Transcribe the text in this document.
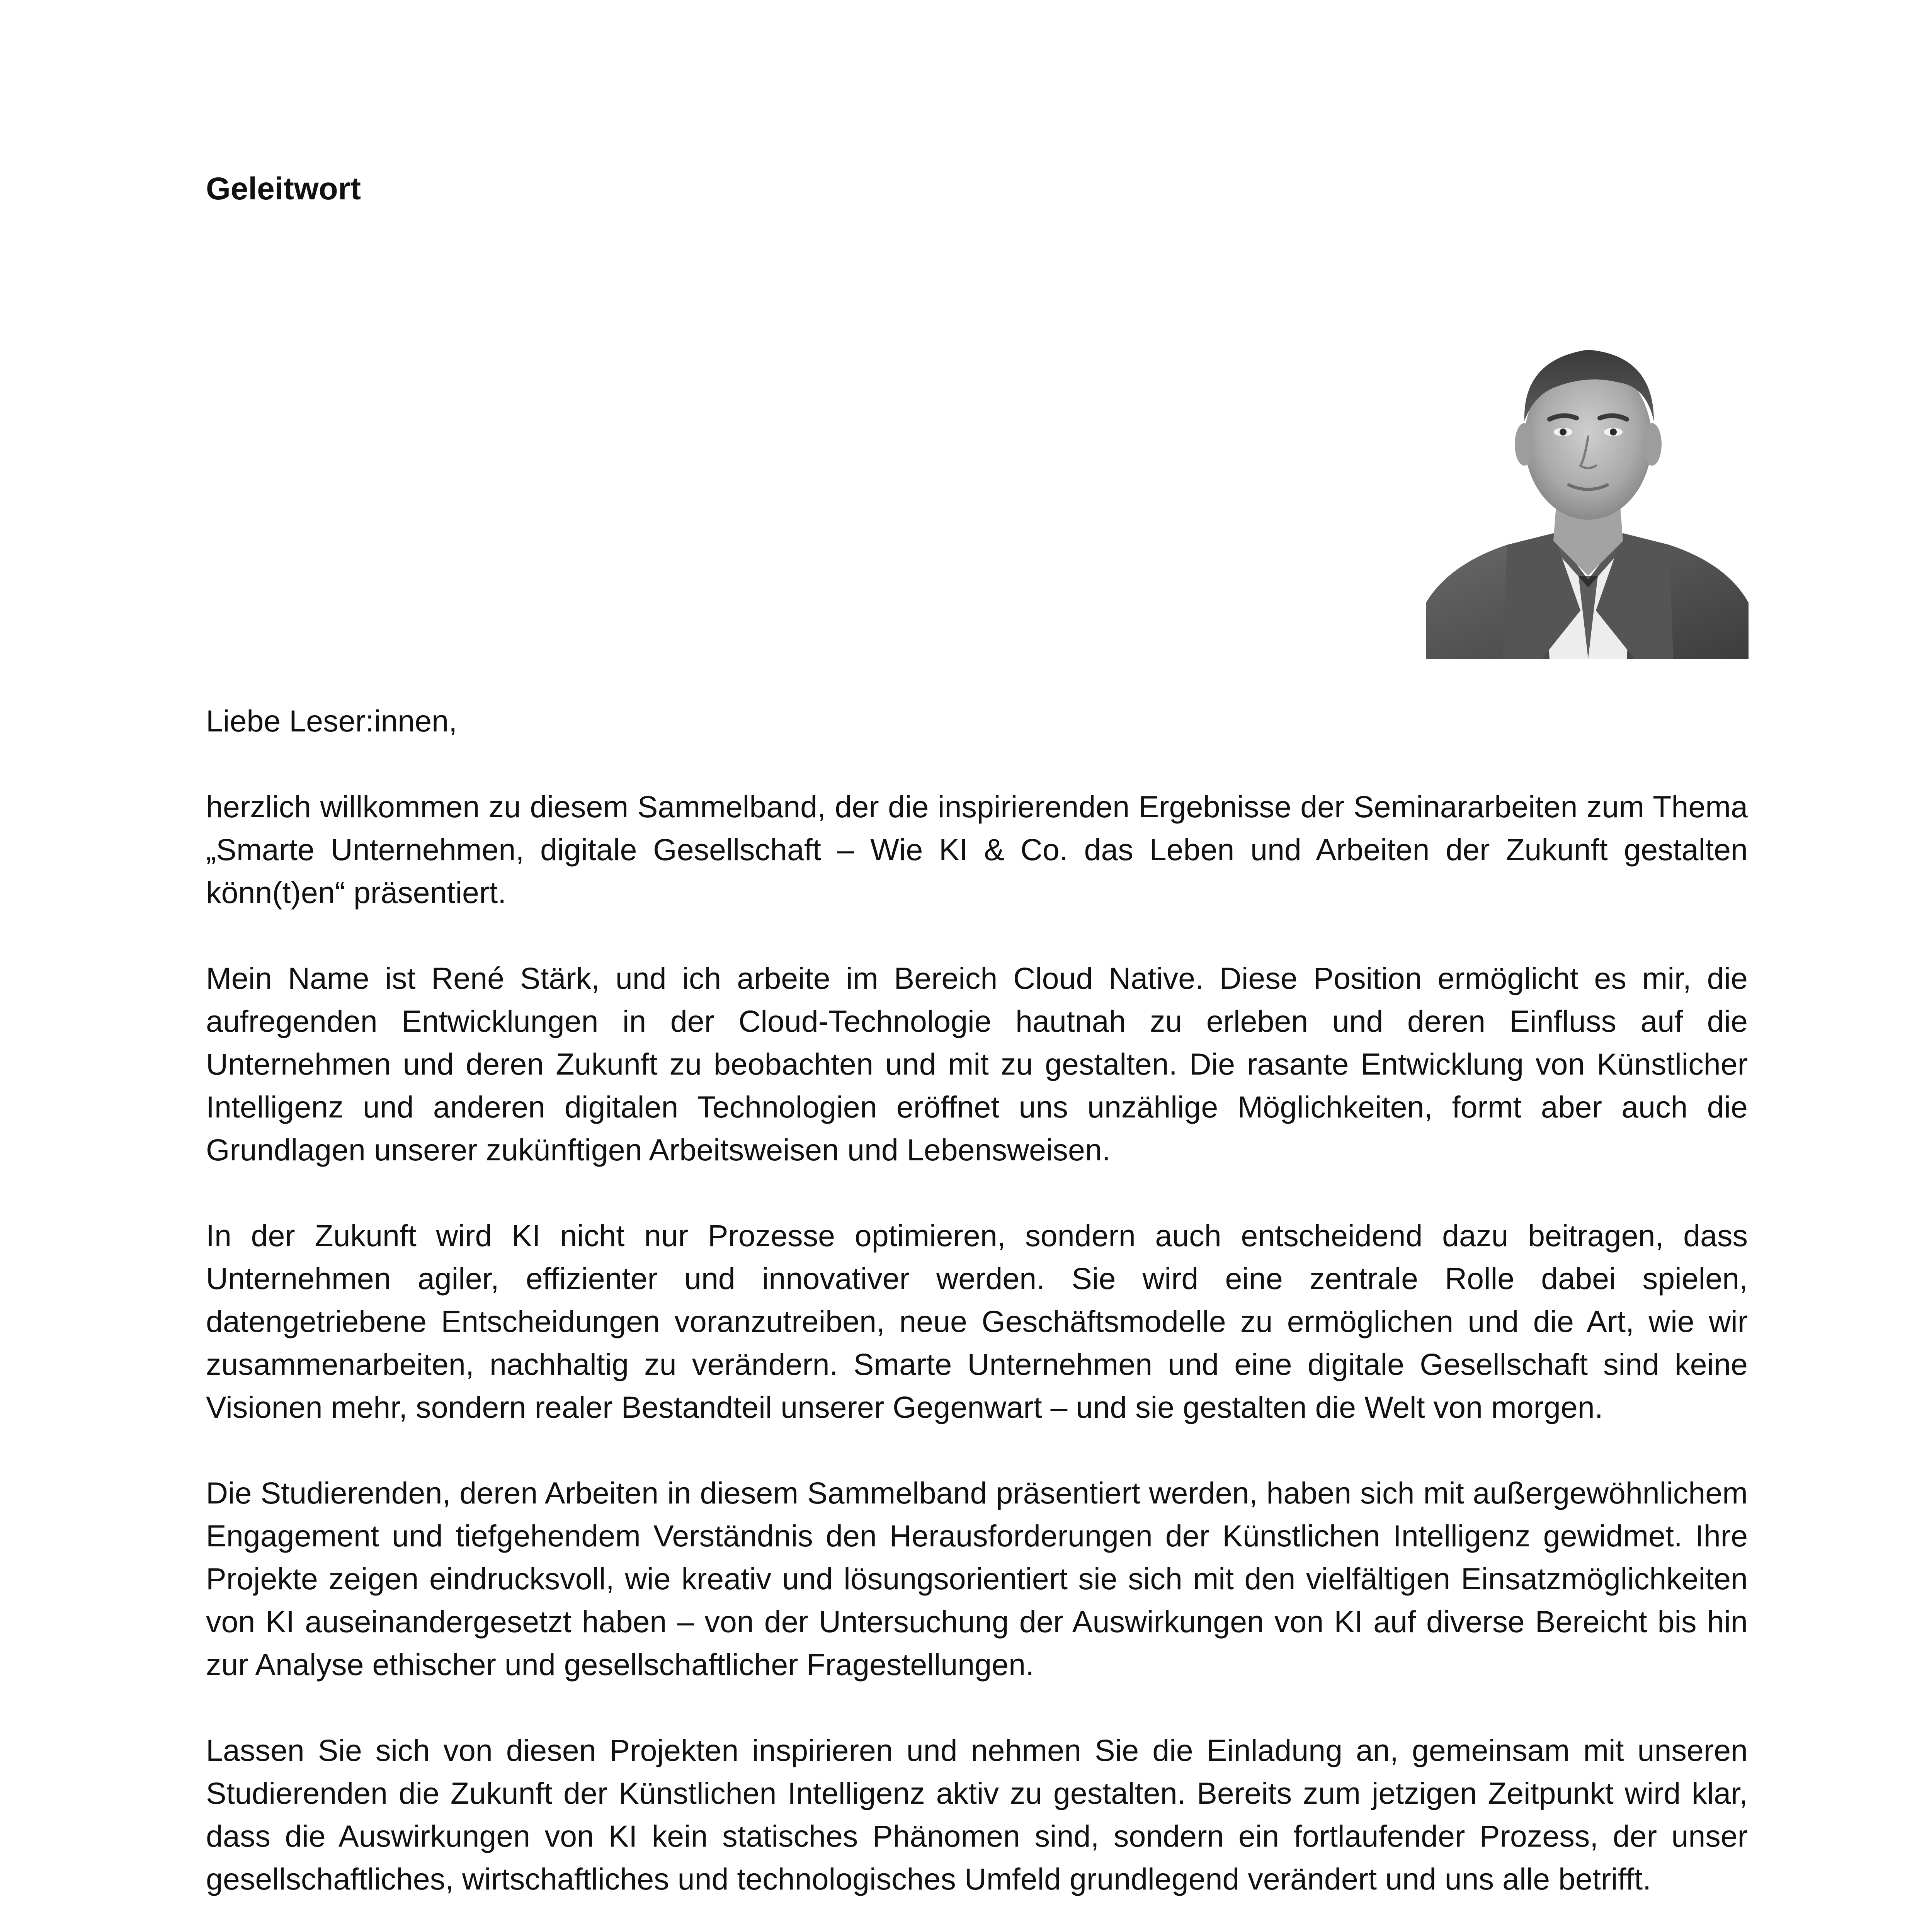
Geleitwort

Liebe Leser:innen,

herzlich willkommen zu diesem Sammelband, der die inspirierenden Ergebnisse der Seminararbeiten zum Thema „Smarte Unternehmen, digitale Gesellschaft – Wie KI & Co. das Leben und Arbeiten der Zukunft gestalten könn(t)en“ präsentiert.

Mein Name ist René Stärk, und ich arbeite im Bereich Cloud Native. Diese Position ermöglicht es mir, die aufregenden Entwicklungen in der Cloud-Technologie hautnah zu erleben und deren Einfluss auf die Unternehmen und deren Zukunft zu beobachten und mit zu gestalten. Die rasante Entwicklung von Künstlicher Intelligenz und anderen digitalen Technologien eröffnet uns unzählige Möglichkeiten, formt aber auch die Grundlagen unserer zukünftigen Arbeitsweisen und Lebensweisen.

In der Zukunft wird KI nicht nur Prozesse optimieren, sondern auch entscheidend dazu beitragen, dass Unternehmen agiler, effizienter und innovativer werden. Sie wird eine zentrale Rolle dabei spielen, datengetriebene Entscheidungen voranzutreiben, neue Geschäftsmodelle zu ermöglichen und die Art, wie wir zusammenarbeiten, nachhaltig zu verändern. Smarte Unternehmen und eine digitale Gesellschaft sind keine Visionen mehr, sondern realer Bestandteil unserer Gegenwart – und sie gestalten die Welt von morgen.

Die Studierenden, deren Arbeiten in diesem Sammelband präsentiert werden, haben sich mit außergewöhnlichem Engagement und tiefgehendem Verständnis den Herausforderungen der Künstlichen Intelligenz gewidmet. Ihre Projekte zeigen eindrucksvoll, wie kreativ und lösungsorientiert sie sich mit den vielfältigen Einsatzmöglichkeiten von KI auseinandergesetzt haben – von der Untersuchung der Auswirkungen von KI auf diverse Bereicht bis hin zur Analyse ethischer und gesellschaftlicher Fragestellungen.

Lassen Sie sich von diesen Projekten inspirieren und nehmen Sie die Einladung an, gemeinsam mit unseren Studierenden die Zukunft der Künstlichen Intelligenz aktiv zu gestalten. Bereits zum jetzigen Zeitpunkt wird klar, dass die Auswirkungen von KI kein statisches Phänomen sind, sondern ein fortlaufender Prozess, der unser gesellschaftliches, wirtschaftliches und technologisches Umfeld grundlegend verändert und uns alle betrifft.
